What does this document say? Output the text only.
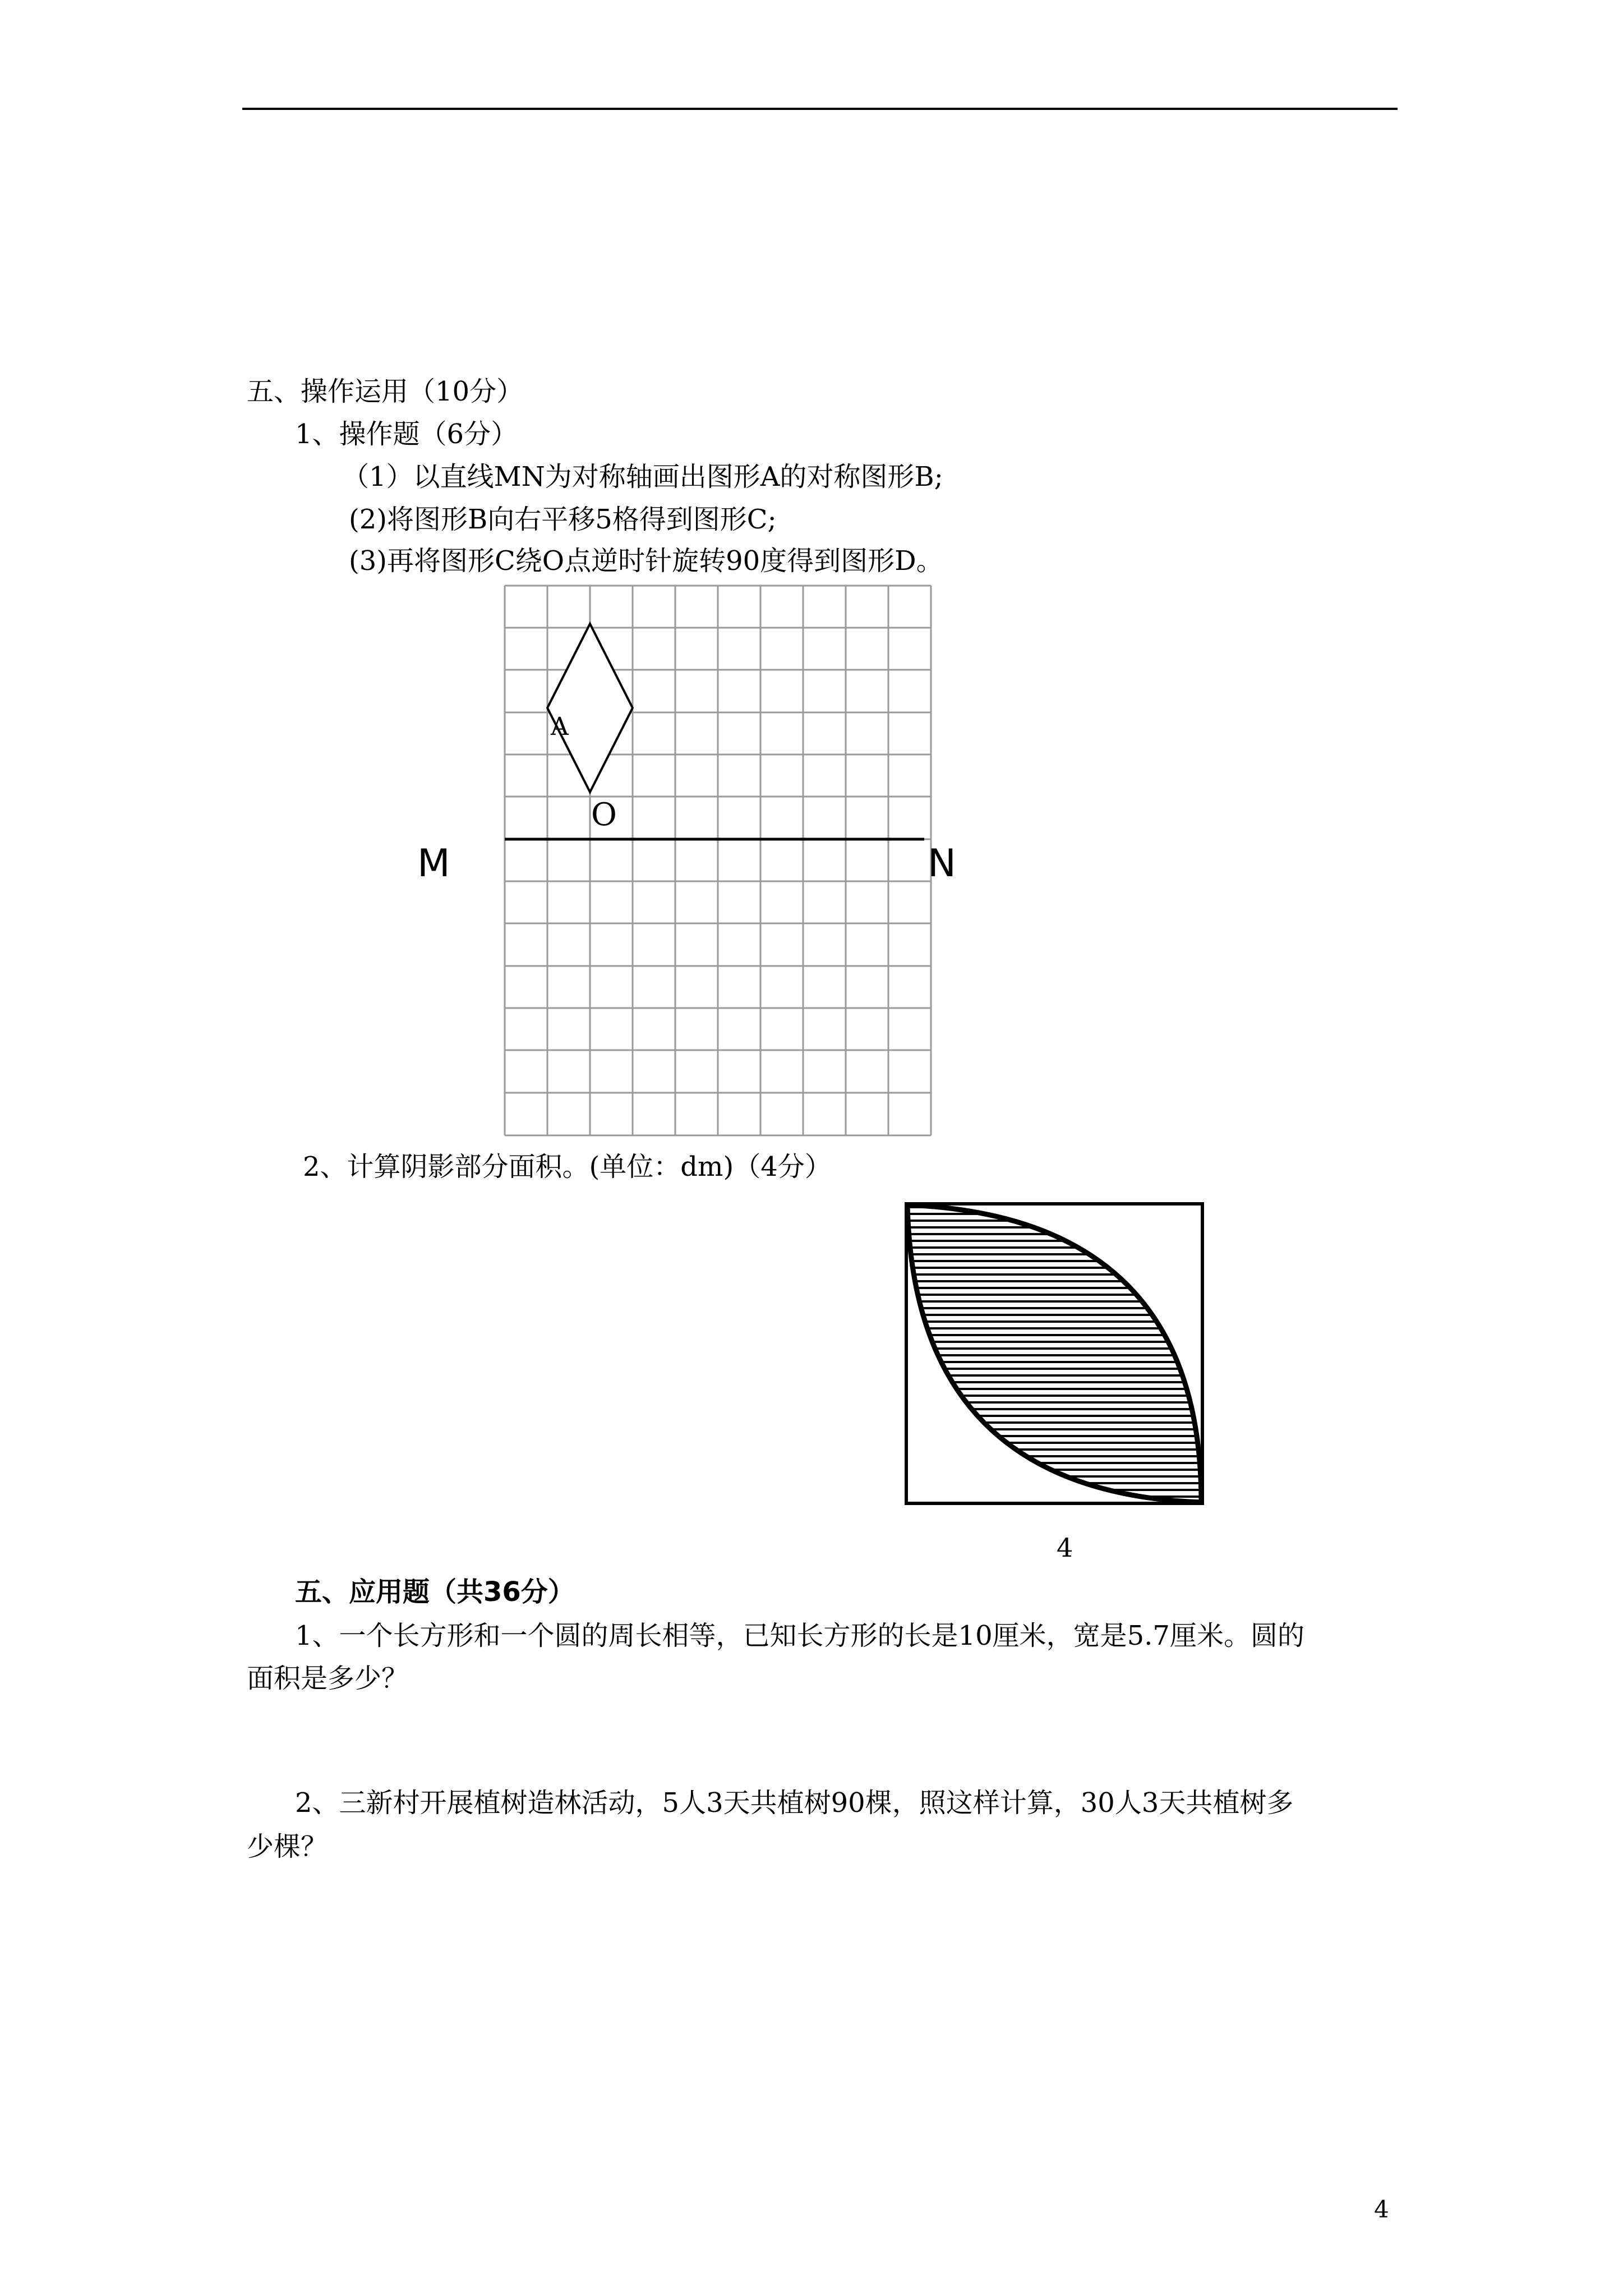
五、操作运用（10分）
1、操作题（6分）
（1）以直线MN为对称轴画出图形A的对称图形B;
(2)将图形B向右平移5格得到图形C;
(3)再将图形C绕O点逆时针旋转90度得到图形D。
A
O
M	N
2、计算阴影部分面积。(单位：dm)（4分）
4
五、应用题（共36分）
1、一个长方形和一个圆的周长相等，已知长方形的长是10厘米，宽是5.7厘米。圆的
面积是多少？
2、三新村开展植树造林活动，5人3天共植树90棵，照这样计算，30人3天共植树多
少棵？
4
